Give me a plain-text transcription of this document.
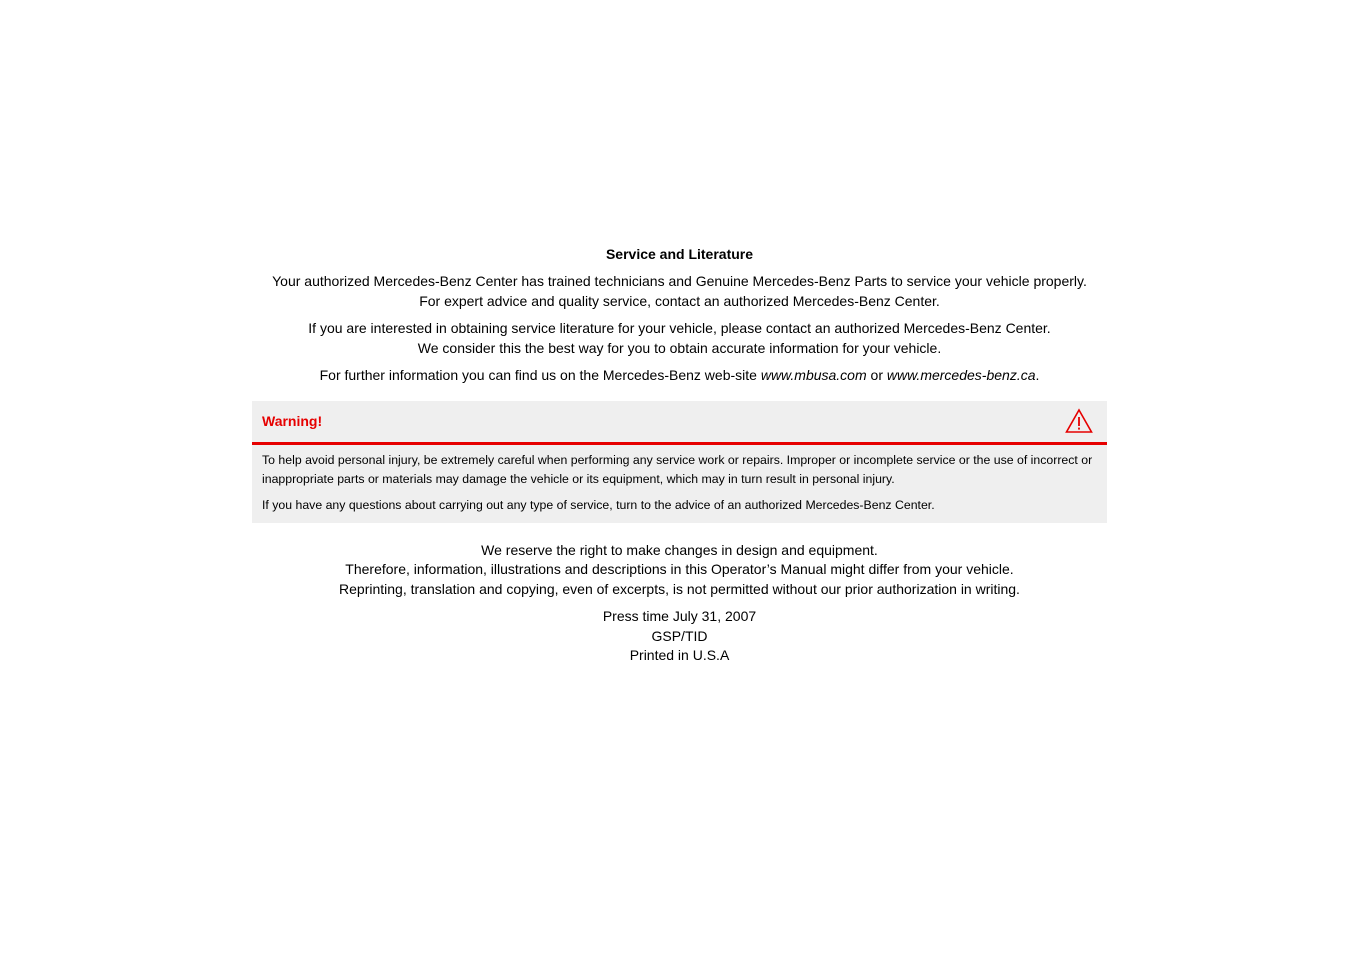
Service and Literature

Your authorized Mercedes-Benz Center has trained technicians and Genuine Mercedes-Benz Parts to service your vehicle properly.
For expert advice and quality service, contact an authorized Mercedes-Benz Center.

If you are interested in obtaining service literature for your vehicle, please contact an authorized Mercedes-Benz Center.
We consider this the best way for you to obtain accurate information for your vehicle.

For further information you can find us on the Mercedes-Benz web-site www.mbusa.com or www.mercedes-benz.ca.

Warning!

To help avoid personal injury, be extremely careful when performing any service work or repairs. Improper or incomplete service or the use of incorrect or inappropriate parts or materials may damage the vehicle or its equipment, which may in turn result in personal injury.

If you have any questions about carrying out any type of service, turn to the advice of an authorized Mercedes-Benz Center.

We reserve the right to make changes in design and equipment.
Therefore, information, illustrations and descriptions in this Operator’s Manual might differ from your vehicle.
Reprinting, translation and copying, even of excerpts, is not permitted without our prior authorization in writing.

Press time July 31, 2007
GSP/TID
Printed in U.S.A
